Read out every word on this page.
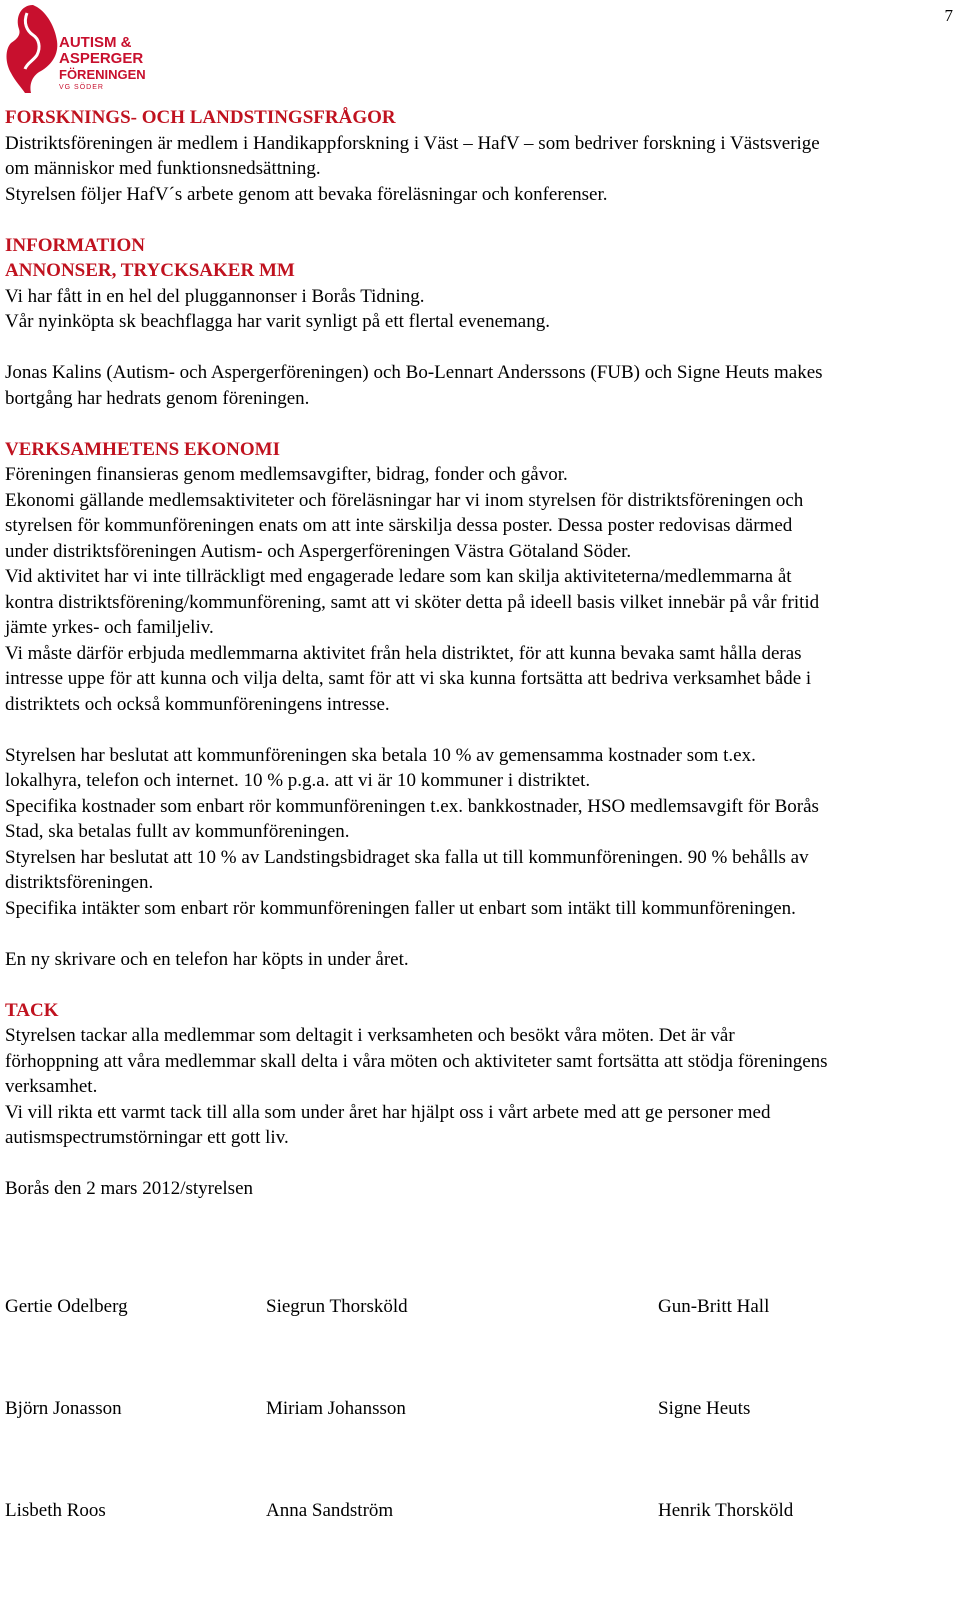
7
AUTISM &
ASPERGER
FÖRENINGEN
VG SÖDER

FORSKNINGS- OCH LANDSTINGSFRÅGOR

Distriktsföreningen är medlem i Handikappforskning i Väst – HafV – som bedriver forskning i Västsverige

om människor med funktionsnedsättning.

Styrelsen följer HafV´s arbete genom att bevaka föreläsningar och konferenser.

INFORMATION

ANNONSER, TRYCKSAKER MM

Vi har fått in en hel del pluggannonser i Borås Tidning.

Vår nyinköpta sk beachflagga har varit synligt på ett flertal evenemang.

Jonas Kalins (Autism- och Aspergerföreningen) och Bo-Lennart Anderssons (FUB) och Signe Heuts makes

bortgång har hedrats genom föreningen.

VERKSAMHETENS EKONOMI

Föreningen finansieras genom medlemsavgifter, bidrag, fonder och gåvor.

Ekonomi gällande medlemsaktiviteter och föreläsningar har vi inom styrelsen för distriktsföreningen och

styrelsen för kommunföreningen enats om att inte särskilja dessa poster. Dessa poster redovisas därmed

under distriktsföreningen Autism- och Aspergerföreningen Västra Götaland Söder.

Vid aktivitet har vi inte tillräckligt med engagerade ledare som kan skilja aktiviteterna/medlemmarna åt

kontra distriktsförening/kommunförening, samt att vi sköter detta på ideell basis vilket innebär på vår fritid

jämte yrkes- och familjeliv.

Vi måste därför erbjuda medlemmarna aktivitet från hela distriktet, för att kunna bevaka samt hålla deras

intresse uppe för att kunna och vilja delta, samt för att vi ska kunna fortsätta att bedriva verksamhet både i

distriktets och också kommunföreningens intresse.

Styrelsen har beslutat att kommunföreningen ska betala 10 % av gemensamma kostnader som t.ex.

lokalhyra, telefon och internet. 10 % p.g.a. att vi är 10 kommuner i distriktet.

Specifika kostnader som enbart rör kommunföreningen t.ex. bankkostnader, HSO medlemsavgift för Borås

Stad, ska betalas fullt av kommunföreningen.

Styrelsen har beslutat att 10 % av Landstingsbidraget ska falla ut till kommunföreningen. 90 % behålls av

distriktsföreningen.

Specifika intäkter som enbart rör kommunföreningen faller ut enbart som intäkt till kommunföreningen.

En ny skrivare och en telefon har köpts in under året.

TACK

Styrelsen tackar alla medlemmar som deltagit i verksamheten och besökt våra möten. Det är vår

förhoppning att våra medlemmar skall delta i våra möten och aktiviteter samt fortsätta att stödja föreningens

verksamhet.

Vi vill rikta ett varmt tack till alla som under året har hjälpt oss i vårt arbete med att ge personer med

autismspectrumstörningar ett gott liv.

Borås den 2 mars 2012/styrelsen

Gertie Odelberg	Siegrun Thorsköld	Gun-Britt Hall
Björn Jonasson	Miriam Johansson	Signe Heuts
Lisbeth Roos	Anna Sandström	Henrik Thorsköld
